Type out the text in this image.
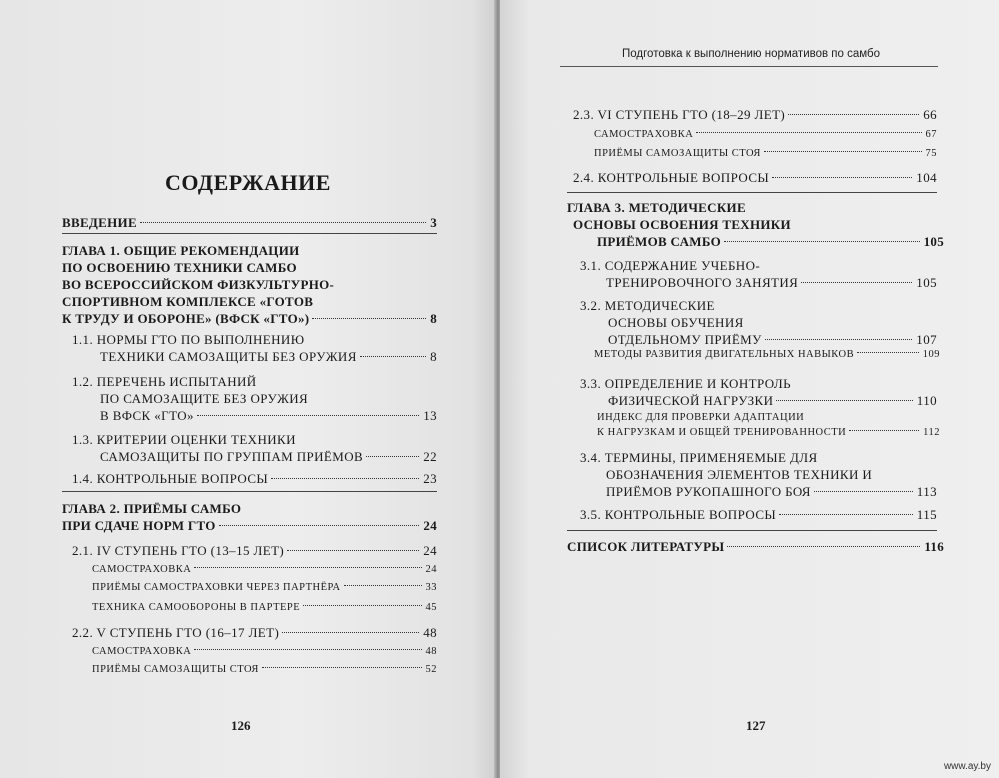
СОДЕРЖАНИЕ
Подготовка к выполнению нормативов по самбо
126	127
www.ay.by
ВВЕДЕНИЕ	3
ГЛАВА 1. ОБЩИЕ РЕКОМЕНДАЦИИ
ПО ОСВОЕНИЮ ТЕХНИКИ САМБО
ВО ВСЕРОССИЙСКОМ ФИЗКУЛЬТУРНО-
СПОРТИВНОМ КОМПЛЕКСЕ «ГОТОВ
К ТРУДУ И ОБОРОНЕ» (ВФСК «ГТО»)	8
1.1. НОРМЫ ГТО ПО ВЫПОЛНЕНИЮ
ТЕХНИКИ САМОЗАЩИТЫ БЕЗ ОРУЖИЯ	8
1.2. ПЕРЕЧЕНЬ ИСПЫТАНИЙ
ПО САМОЗАЩИТЕ БЕЗ ОРУЖИЯ
В ВФСК «ГТО»	13
1.3. КРИТЕРИИ ОЦЕНКИ ТЕХНИКИ
САМОЗАЩИТЫ ПО ГРУППАМ ПРИЁМОВ	22
1.4. КОНТРОЛЬНЫЕ ВОПРОСЫ	23
ГЛАВА 2. ПРИЁМЫ САМБО
ПРИ СДАЧЕ НОРМ ГТО	24
2.1. IV СТУПЕНЬ ГТО (13–15 ЛЕТ)	24
САМОСТРАХОВКА	24
ПРИЁМЫ САМОСТРАХОВКИ ЧЕРЕЗ ПАРТНЁРА	33
ТЕХНИКА САМООБОРОНЫ В ПАРТЕРЕ	45
2.2. V СТУПЕНЬ ГТО (16–17 ЛЕТ)	48
САМОСТРАХОВКА	48
ПРИЁМЫ САМОЗАЩИТЫ СТОЯ	52
2.3. VI СТУПЕНЬ ГТО (18–29 ЛЕТ)	66
САМОСТРАХОВКА	67
ПРИЁМЫ САМОЗАЩИТЫ СТОЯ	75
2.4. КОНТРОЛЬНЫЕ ВОПРОСЫ	104
ГЛАВА 3. МЕТОДИЧЕСКИЕ
ОСНОВЫ ОСВОЕНИЯ ТЕХНИКИ
ПРИЁМОВ САМБО	105
3.1. СОДЕРЖАНИЕ УЧЕБНО-
ТРЕНИРОВОЧНОГО ЗАНЯТИЯ	105
3.2. МЕТОДИЧЕСКИЕ
ОСНОВЫ ОБУЧЕНИЯ
ОТДЕЛЬНОМУ ПРИЁМУ	107
МЕТОДЫ РАЗВИТИЯ ДВИГАТЕЛЬНЫХ НАВЫКОВ	109
3.3. ОПРЕДЕЛЕНИЕ И КОНТРОЛЬ
ФИЗИЧЕСКОЙ НАГРУЗКИ	110
ИНДЕКС ДЛЯ ПРОВЕРКИ АДАПТАЦИИ
К НАГРУЗКАМ И ОБЩЕЙ ТРЕНИРОВАННОСТИ	112
3.4. ТЕРМИНЫ, ПРИМЕНЯЕМЫЕ ДЛЯ
ОБОЗНАЧЕНИЯ ЭЛЕМЕНТОВ ТЕХНИКИ И
ПРИЁМОВ РУКОПАШНОГО БОЯ	113
3.5. КОНТРОЛЬНЫЕ ВОПРОСЫ	115
СПИСОК ЛИТЕРАТУРЫ	116
